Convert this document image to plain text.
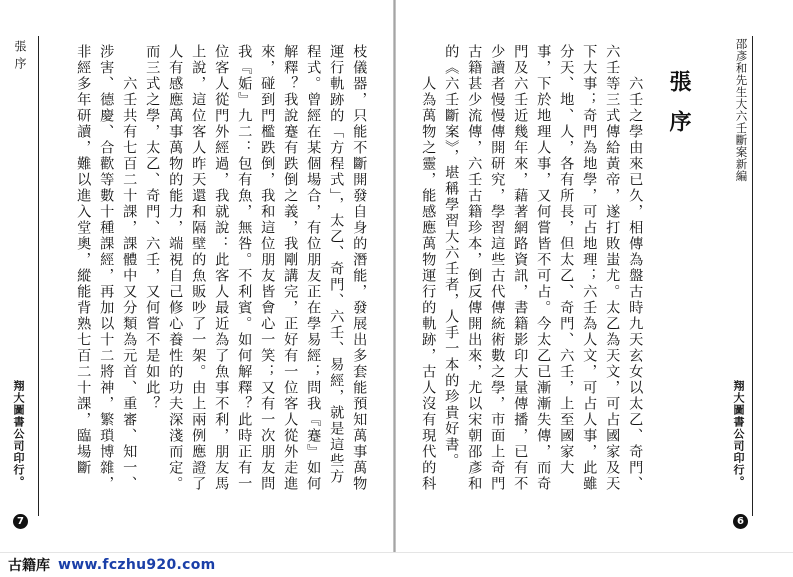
張序
翔大圖書公司印行。
7
枝儀器，只能不斷開發自身的潛能，發展出多套能預知萬事萬物
運行軌跡的「方程式」，太乙、奇門、六壬、易經，就是這些方
程式。曾經在某個場合，有位朋友正在學易經；問我『蹇』如何
解釋？我說蹇有跌倒之義，我剛講完，正好有一位客人從外走進
來，碰到門檻跌倒，我和這位朋友皆會心一笑；又有一次朋友問
我『姤』九二：包有魚，無咎。不利賓。如何解釋？此時正有一
位客人從門外經過，我就說：此客人最近為了魚事不利，朋友馬
上說，這位客人昨天還和隔壁的魚販吵了一架。由上兩例應證了
人有感應萬事萬物的能力，端視自己修心養性的功夫深淺而定。
而三式之學，太乙、奇門、六壬，又何嘗不是如此？
　　六壬共有七百二十課，課體中又分類為元首、重審、知一、
涉害、德慶、合歡等數十種課經，再加以十二將神，繁瑣博雜，
非經多年研讀，難以進入堂奧，縱能背熟七百二十課，臨場斷	邵彥和先生大六壬斷案新編
翔大圖書公司印行。
6
張序
　　六壬之學由來已久，相傳為盤古時九天玄女以太乙、奇門、
六壬等三式傳給黃帝，遂打敗蚩尤。太乙為天文，可占國家及天
下大事；奇門為地學，可占地理；六壬為人文，可占人事，此雖
分天、地、人，各有所長，但太乙、奇門、六壬，上至國家大
事，下於地理人事，又何嘗皆不可占。今太乙已漸漸失傳，而奇
門及六壬近幾年來，藉著網路資訊，書籍影印大量傳播，已有不
少讀者慢慢傳開研究，學習這些古代傳統術數之學，市面上奇門
古籍甚少流傳，六壬古籍珍本，倒反傳開出來，尤以宋朝邵彥和
的《六壬斷案》，堪稱學習大六壬者，人手一本的珍貴好書。
　　人為萬物之靈，能感應萬物運行的軌跡，古人沒有現代的科
古籍库 www.fczhu920.com
